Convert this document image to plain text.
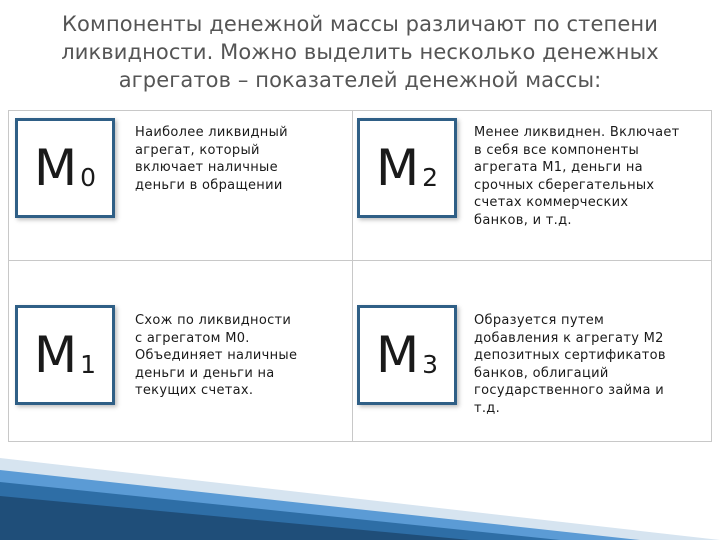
Компоненты денежной массы различают по степени
ликвидности. Можно выделить несколько денежных
агрегатов – показателей денежной массы:
М 0
Наиболее ликвидный
агрегат, который
включает наличные
деньги в обращении М 2
Менее ликвиднен. Включает
в себя все компоненты
агрегата М1, деньги на
срочных сберегательных
счетах коммерческих
банков, и т.д.
М 1
Схож по ликвидности
с агрегатом М0.
Объединяет наличные
деньги и деньги на
текущих счетах.
М 3
Образуется путем
добавления к агрегату М2
депозитных сертификатов
банков, облигаций
государственного займа и
т.д.
